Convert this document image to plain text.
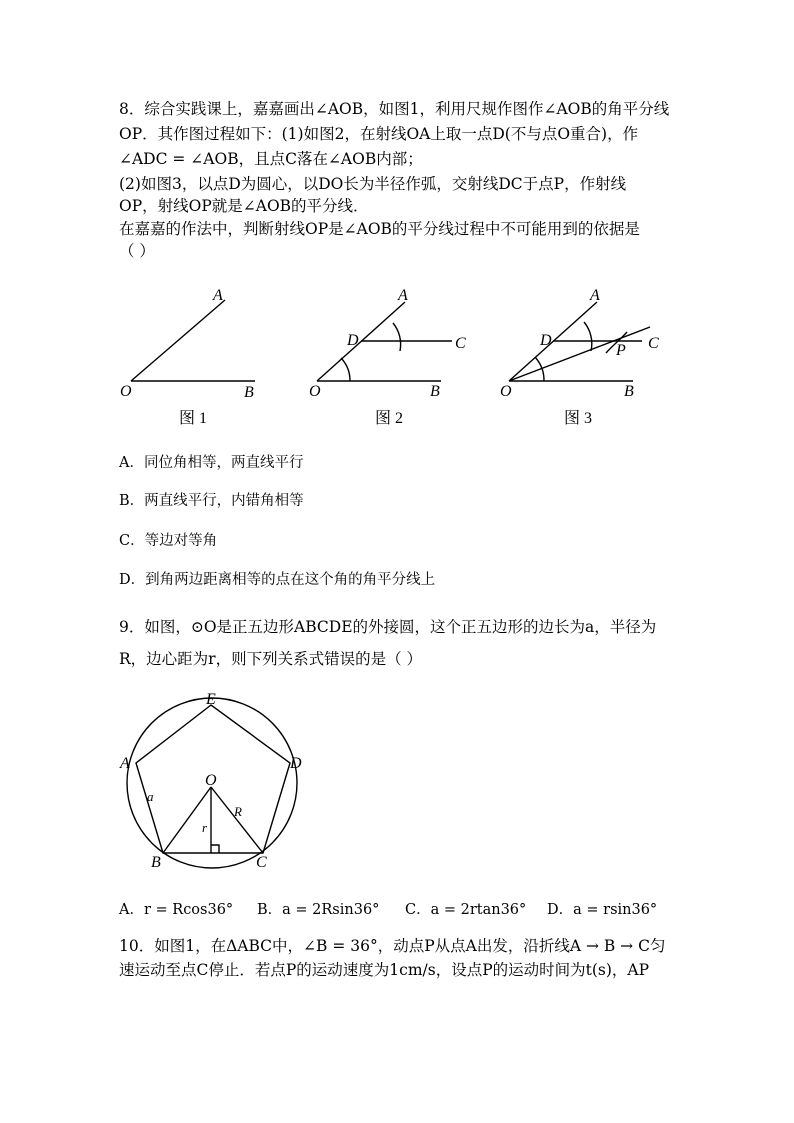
8．综合实践课上，嘉嘉画出∠AOB，如图1，利用尺规作图作∠AOB的角平分线
OP．其作图过程如下：(1)如图2，在射线OA上取一点D(不与点O重合)，作
∠ADC = ∠AOB，且点C落在∠AOB内部；
(2)如图3，以点D为圆心，以DO长为半径作弧，交射线DC于点P，作射线
OP，射线OP就是∠AOB的平分线．
在嘉嘉的作法中，判断射线OP是∠AOB的平分线过程中不可能用到的依据是
（ ）
A
O	B
A
D	C
O	B
A
D
P C
O	B
图 1	图 2	图 3
A．同位角相等，两直线平行
B．两直线平行，内错角相等
C．等边对等角
D．到角两边距离相等的点在这个角的角平分线上
9．如图，⊙O是正五边形ABCDE的外接圆，这个正五边形的边长为a，半径为
R，边心距为r，则下列关系式错误的是（ ）
E
A	D
O
a
R
r
B	C
A．r = Rcos36° B．a = 2Rsin36° C．a = 2rtan36° D．a = rsin36°
10．如图1，在ΔABC中，∠B = 36°，动点P从点A出发，沿折线A → B → C匀
速运动至点C停止．若点P的运动速度为1cm/s，设点P的运动时间为t(s)，AP
